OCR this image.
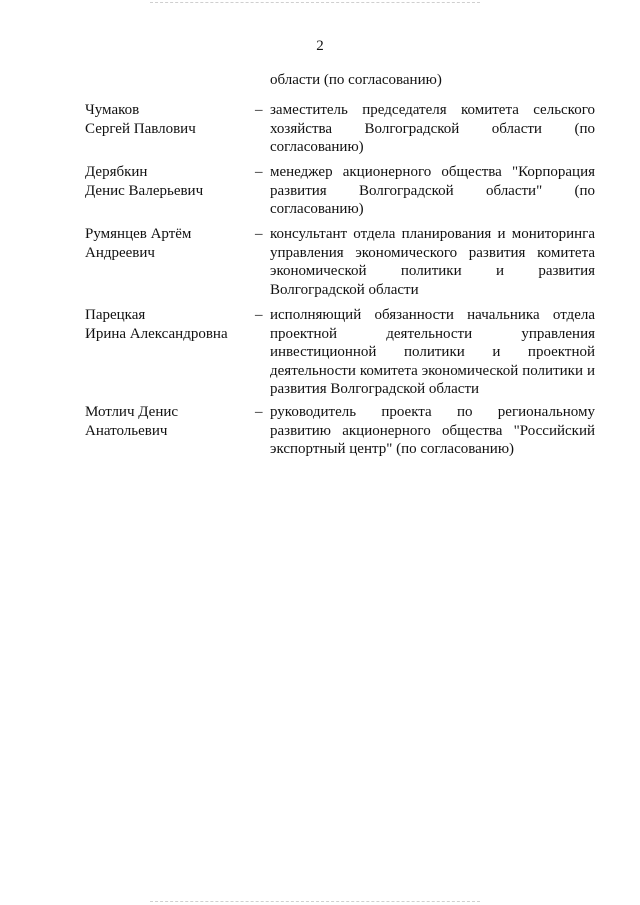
2
области (по согласованию)
Чумаков
Сергей Павлович
– заместитель председателя комитета сельского хозяйства Волгоградской области (по согласованию)
Дерябкин
Денис Валерьевич
– менеджер акционерного общества "Корпорация развития Волгоградской области" (по согласованию)
Румянцев Артём
Андреевич
– консультант отдела планирования и мониторинга управления экономического развития комитета экономической политики и развития Волгоградской области
Парецкая
Ирина Александровна
– исполняющий обязанности начальника отдела проектной деятельности управления инвестиционной политики и проектной деятельности комитета экономической политики и развития Волгоградской области
Мотлич Денис
Анатольевич
– руководитель проекта по региональному развитию акционерного общества "Российский экспортный центр" (по согласованию)
